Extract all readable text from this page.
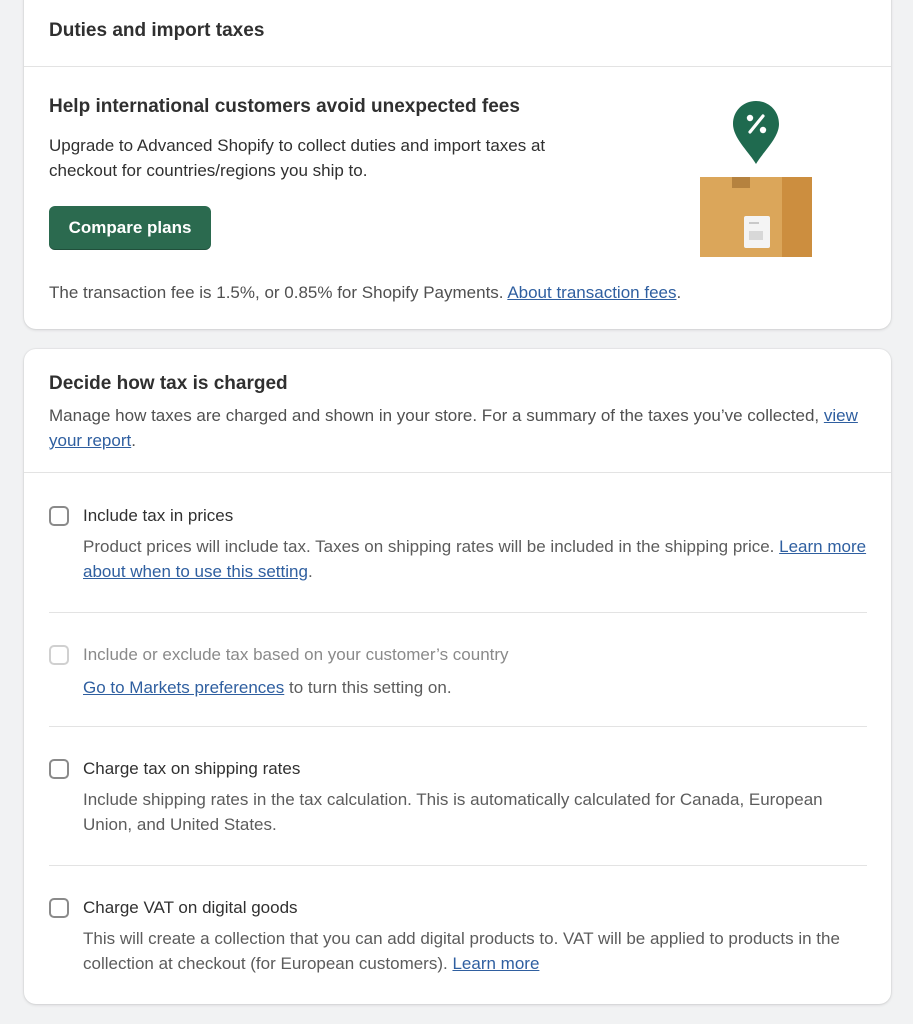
Duties and import taxes
Help international customers avoid unexpected fees
Upgrade to Advanced Shopify to collect duties and import taxes at checkout for countries/regions you ship to.
Compare plans
The transaction fee is 1.5%, or 0.85% for Shopify Payments. About transaction fees.
Decide how tax is charged
Manage how taxes are charged and shown in your store. For a summary of the taxes you’ve collected, view your report.
Include tax in prices
Product prices will include tax. Taxes on shipping rates will be included in the shipping price. Learn more about when to use this setting.
Include or exclude tax based on your customer’s country
Go to Markets preferences to turn this setting on.
Charge tax on shipping rates
Include shipping rates in the tax calculation. This is automatically calculated for Canada, European Union, and United States.
Charge VAT on digital goods
This will create a collection that you can add digital products to. VAT will be applied to products in the collection at checkout (for European customers). Learn more
